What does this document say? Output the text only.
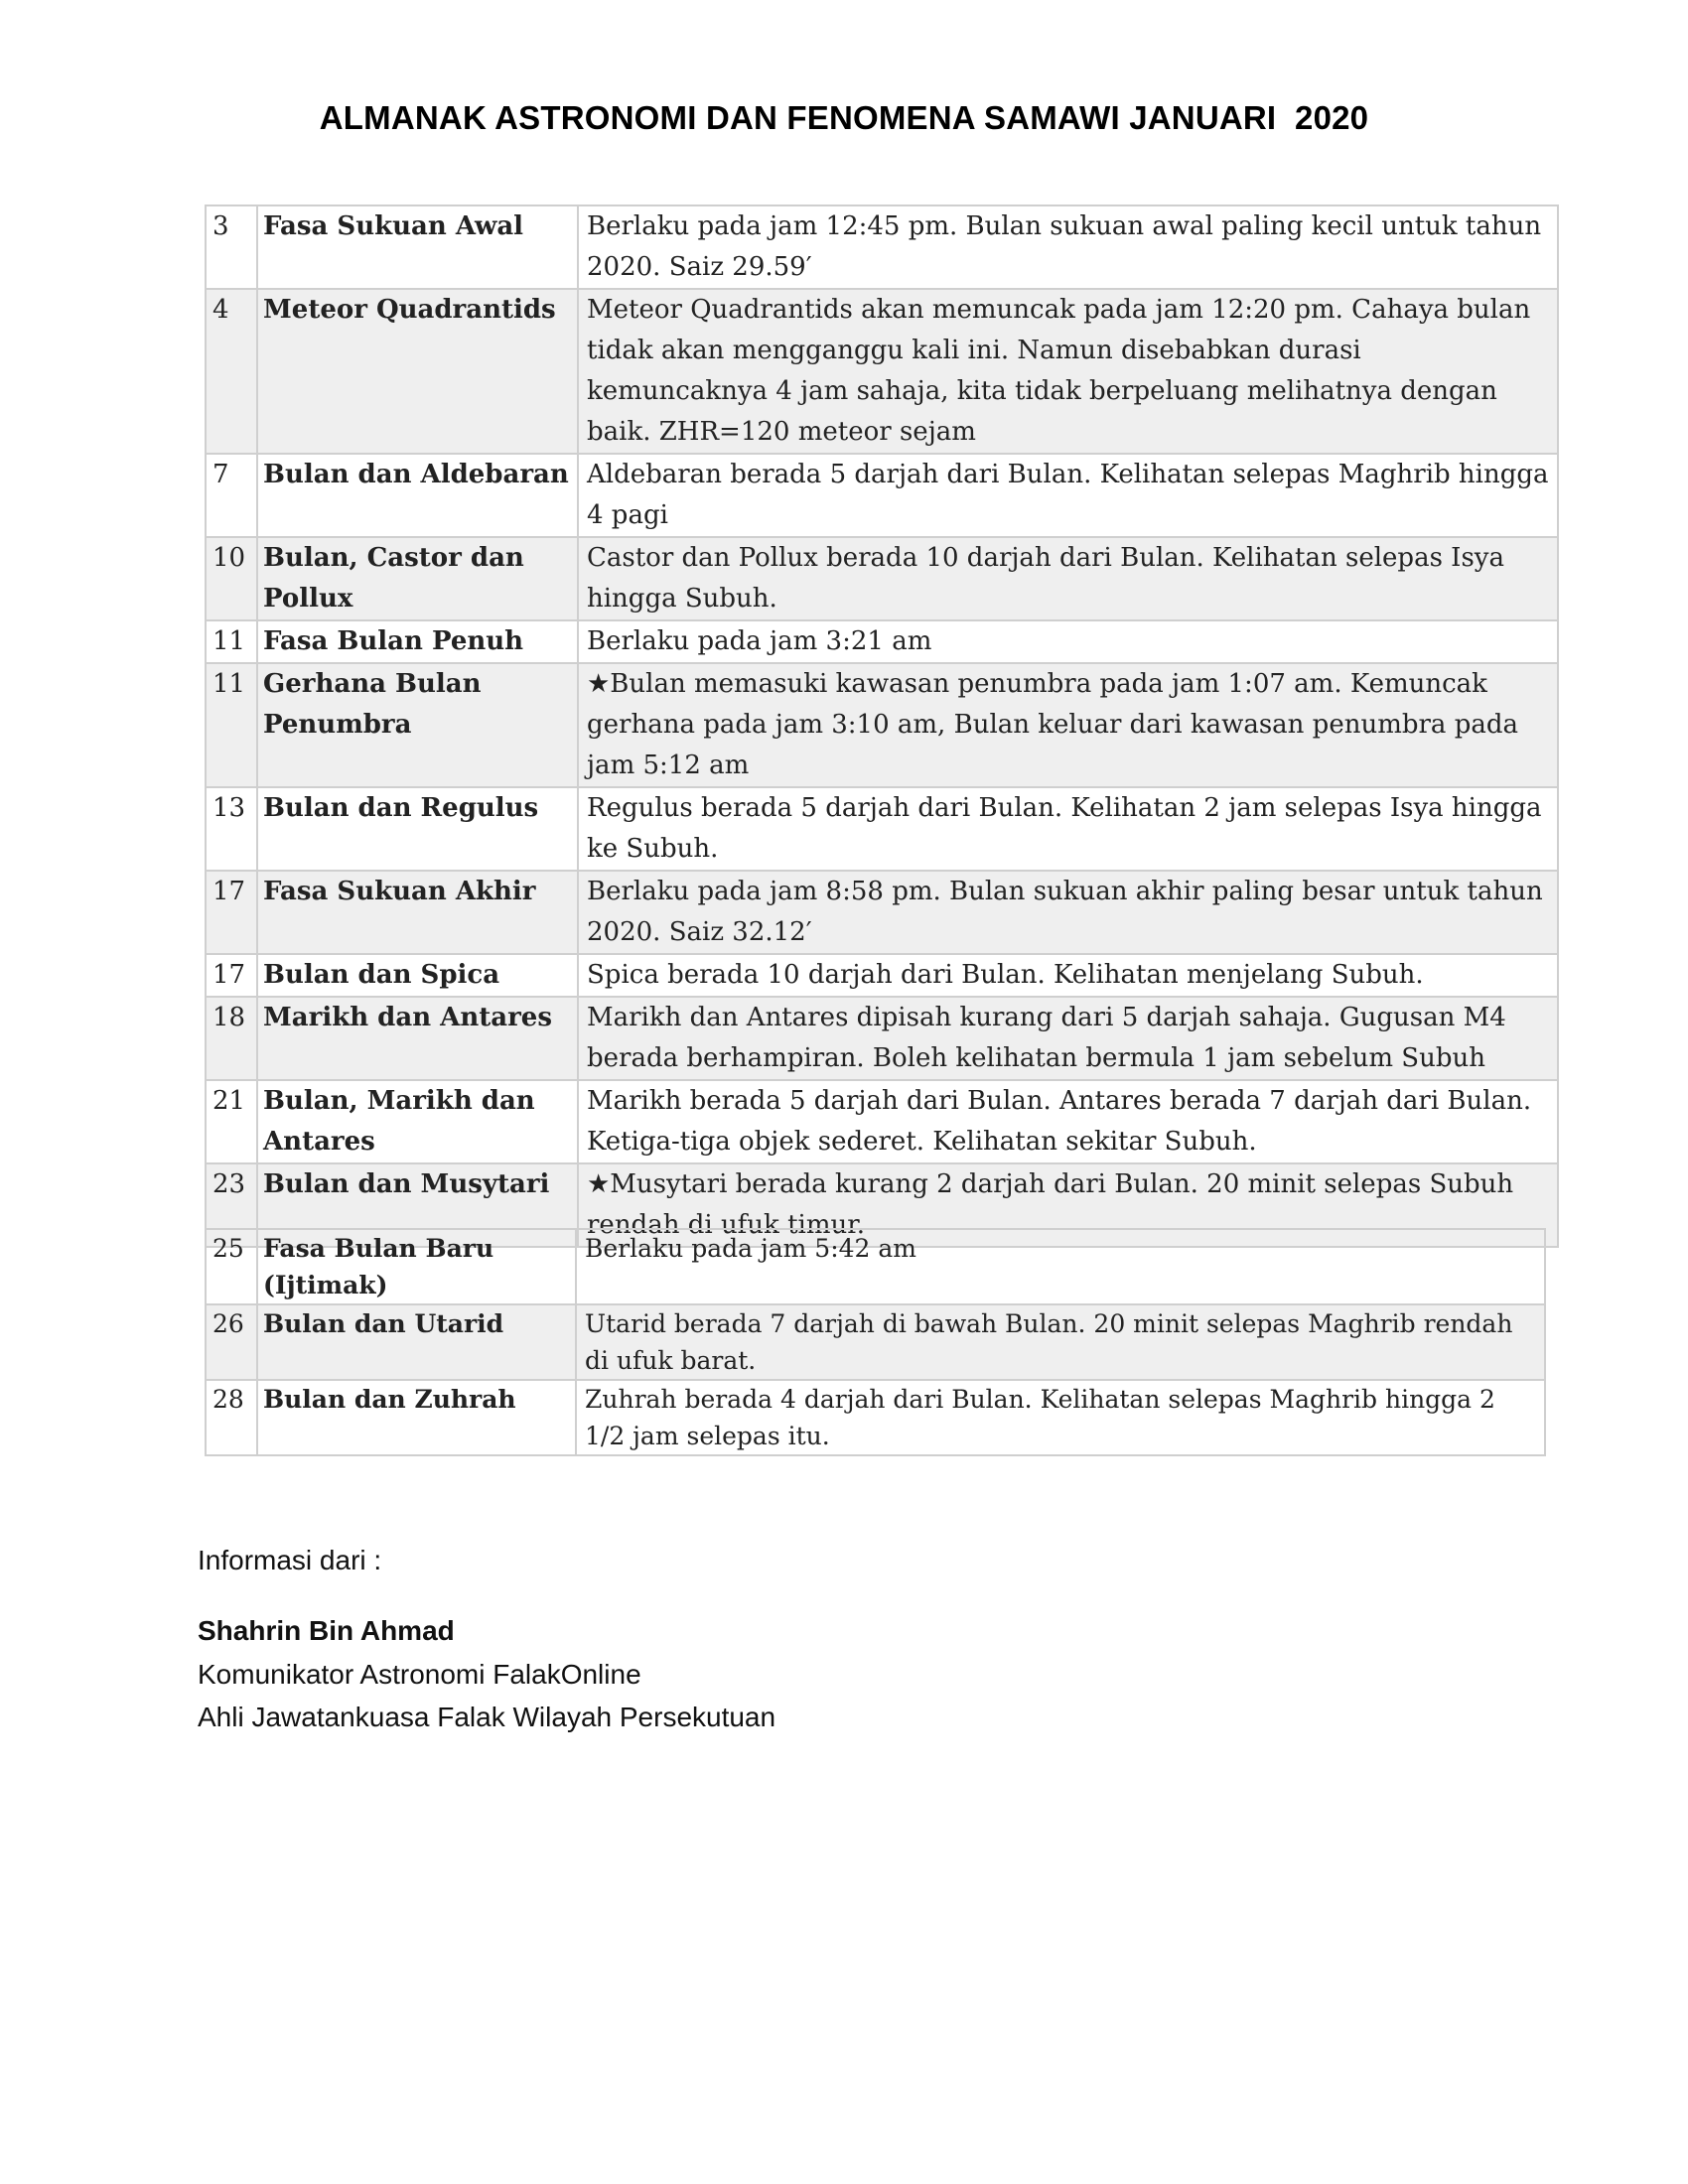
ALMANAK ASTRONOMI DAN FENOMENA SAMAWI JANUARI  2020
3	Fasa Sukuan Awal	Berlaku pada jam 12:45 pm. Bulan sukuan awal paling kecil untuk tahun 2020. Saiz 29.59′
4	Meteor Quadrantids	Meteor Quadrantids akan memuncak pada jam 12:20 pm. Cahaya bulan tidak akan mengganggu kali ini. Namun disebabkan durasi kemuncaknya 4 jam sahaja, kita tidak berpeluang melihatnya dengan baik. ZHR=120 meteor sejam
7	Bulan dan Aldebaran	Aldebaran berada 5 darjah dari Bulan. Kelihatan selepas Maghrib hingga 4 pagi
10	Bulan, Castor dan Pollux	Castor dan Pollux berada 10 darjah dari Bulan. Kelihatan selepas Isya hingga Subuh.
11	Fasa Bulan Penuh	Berlaku pada jam 3:21 am
11	Gerhana Bulan Penumbra	★Bulan memasuki kawasan penumbra pada jam 1:07 am. Kemuncak gerhana pada jam 3:10 am, Bulan keluar dari kawasan penumbra pada jam 5:12 am
13	Bulan dan Regulus	Regulus berada 5 darjah dari Bulan. Kelihatan 2 jam selepas Isya hingga ke Subuh.
17	Fasa Sukuan Akhir	Berlaku pada jam 8:58 pm. Bulan sukuan akhir paling besar untuk tahun 2020. Saiz 32.12′
17	Bulan dan Spica	Spica berada 10 darjah dari Bulan. Kelihatan menjelang Subuh.
18	Marikh dan Antares	Marikh dan Antares dipisah kurang dari 5 darjah sahaja. Gugusan M4 berada berhampiran. Boleh kelihatan bermula 1 jam sebelum Subuh
21	Bulan, Marikh dan Antares	Marikh berada 5 darjah dari Bulan. Antares berada 7 darjah dari Bulan. Ketiga-tiga objek sederet. Kelihatan sekitar Subuh.
23	Bulan dan Musytari	★Musytari berada kurang 2 darjah dari Bulan. 20 minit selepas Subuh rendah di ufuk timur.
25	Fasa Bulan Baru (Ijtimak)	Berlaku pada jam 5:42 am
26	Bulan dan Utarid	Utarid berada 7 darjah di bawah Bulan. 20 minit selepas Maghrib rendah di ufuk barat.
28	Bulan dan Zuhrah	Zuhrah berada 4 darjah dari Bulan. Kelihatan selepas Maghrib hingga 2 1/2 jam selepas itu.
Informasi dari :
Shahrin Bin Ahmad
Komunikator Astronomi FalakOnline
Ahli Jawatankuasa Falak Wilayah Persekutuan
